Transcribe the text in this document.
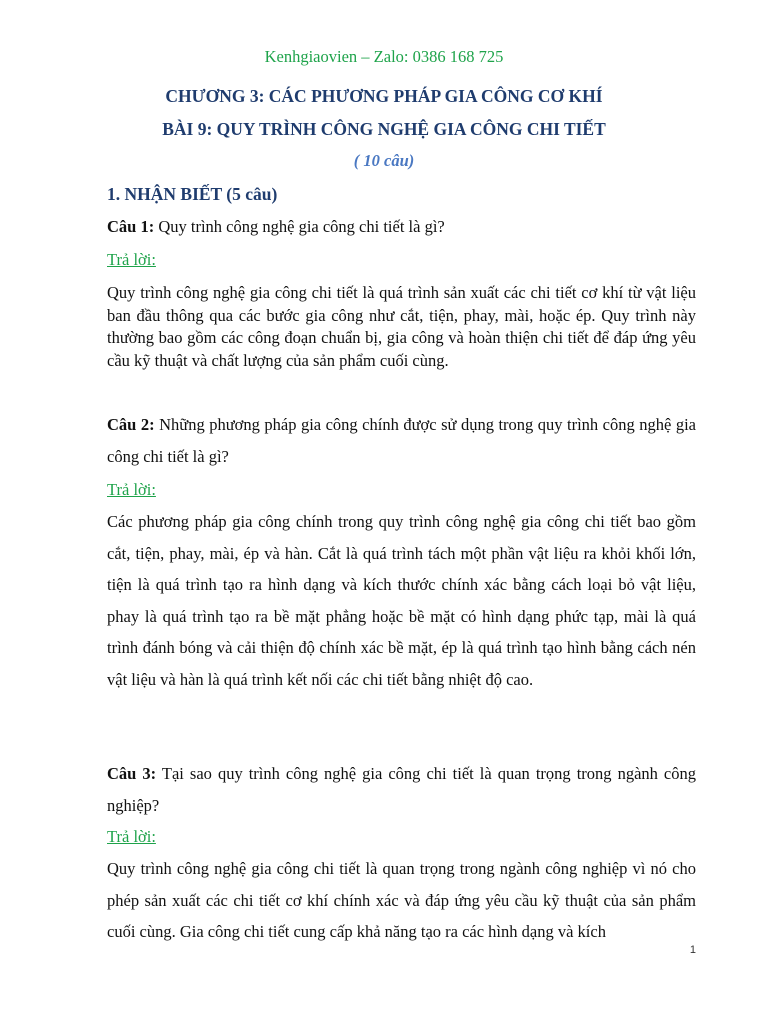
Kenhgiaovien – Zalo: 0386 168 725
CHƯƠNG 3: CÁC PHƯƠNG PHÁP GIA CÔNG CƠ KHÍ
BÀI 9: QUY TRÌNH CÔNG NGHỆ GIA CÔNG CHI TIẾT
( 10 câu)
1. NHẬN BIẾT (5 câu)
Câu 1: Quy trình công nghệ gia công chi tiết là gì?
Trả lời:
Quy trình công nghệ gia công chi tiết là quá trình sản xuất các chi tiết cơ khí từ vật liệu ban đầu thông qua các bước gia công như cắt, tiện, phay, mài, hoặc ép. Quy trình này thường bao gồm các công đoạn chuẩn bị, gia công và hoàn thiện chi tiết để đáp ứng yêu cầu kỹ thuật và chất lượng của sản phẩm cuối cùng.
Câu 2: Những phương pháp gia công chính được sử dụng trong quy trình công nghệ gia công chi tiết là gì?
Trả lời:
Các phương pháp gia công chính trong quy trình công nghệ gia công chi tiết bao gồm cắt, tiện, phay, mài, ép và hàn. Cắt là quá trình tách một phần vật liệu ra khỏi khối lớn, tiện là quá trình tạo ra hình dạng và kích thước chính xác bằng cách loại bỏ vật liệu, phay là quá trình tạo ra bề mặt phẳng hoặc bề mặt có hình dạng phức tạp, mài là quá trình đánh bóng và cải thiện độ chính xác bề mặt, ép là quá trình tạo hình bằng cách nén vật liệu và hàn là quá trình kết nối các chi tiết bằng nhiệt độ cao.
Câu 3: Tại sao quy trình công nghệ gia công chi tiết là quan trọng trong ngành công nghiệp?
Trả lời:
Quy trình công nghệ gia công chi tiết là quan trọng trong ngành công nghiệp vì nó cho phép sản xuất các chi tiết cơ khí chính xác và đáp ứng yêu cầu kỹ thuật của sản phẩm cuối cùng. Gia công chi tiết cung cấp khả năng tạo ra các hình dạng và kích
1
